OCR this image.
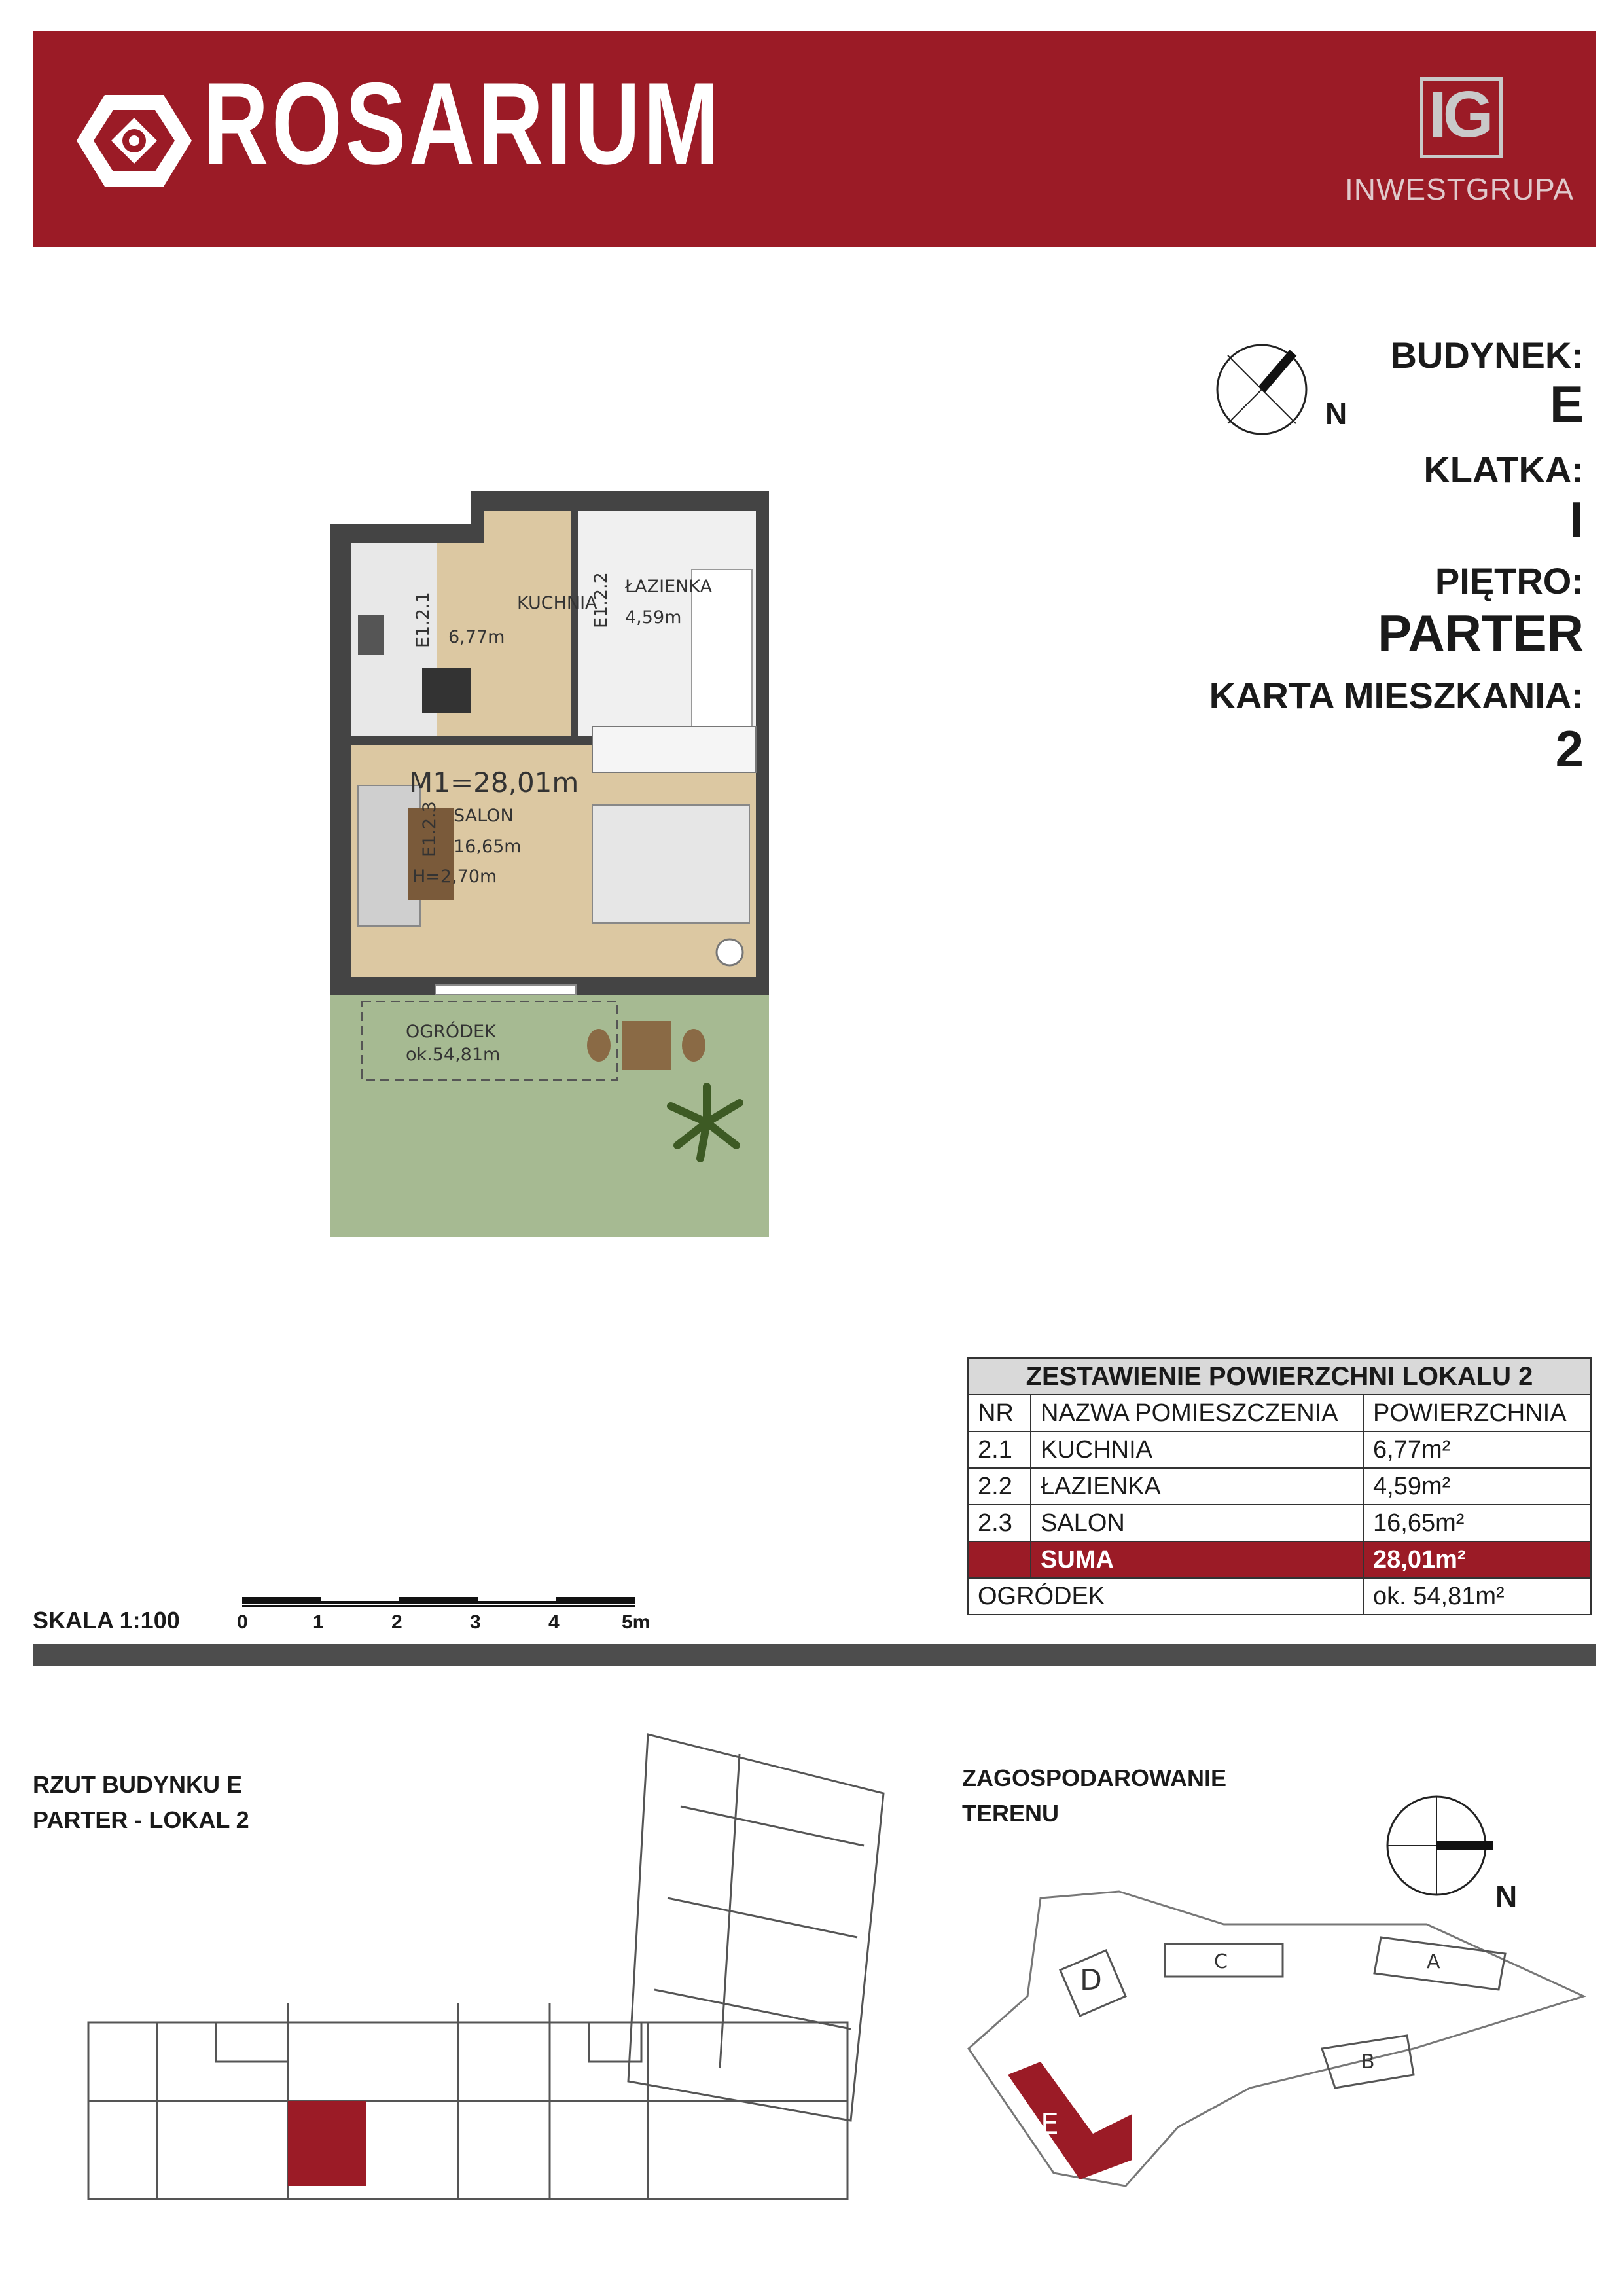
ROSARIUM	IG
INWESTGRUPA
N
BUDYNEK:
E
KLATKA:
I
PIĘTRO:
PARTER
KARTA MIESZKANIA:
2
KUCHNIA
6,77m
ŁAZIENKA
4,59m
M1=28,01m
SALON
16,65m
H=2,70m
OGRÓDEK
ok.54,81m
E1.2.1	E1.2.2
E1.2.3
ZESTAWIENIE POWIERZCHNI LOKALU 2		
NR	NAZWA POMIESZCZENIA	POWIERZCHNIA
2.1	KUCHNIA	6,77m²
2.2	ŁAZIENKA	4,59m²
2.3	SALON	16,65m²
	SUMA	28,01m²
OGRÓDEK		ok. 54,81m²
SKALA 1:100	0	1	2	3	4	5m
RZUT BUDYNKU E
PARTER - LOKAL 2
ZAGOSPODAROWANIE
TERENU
N
C	A
B
D
E
